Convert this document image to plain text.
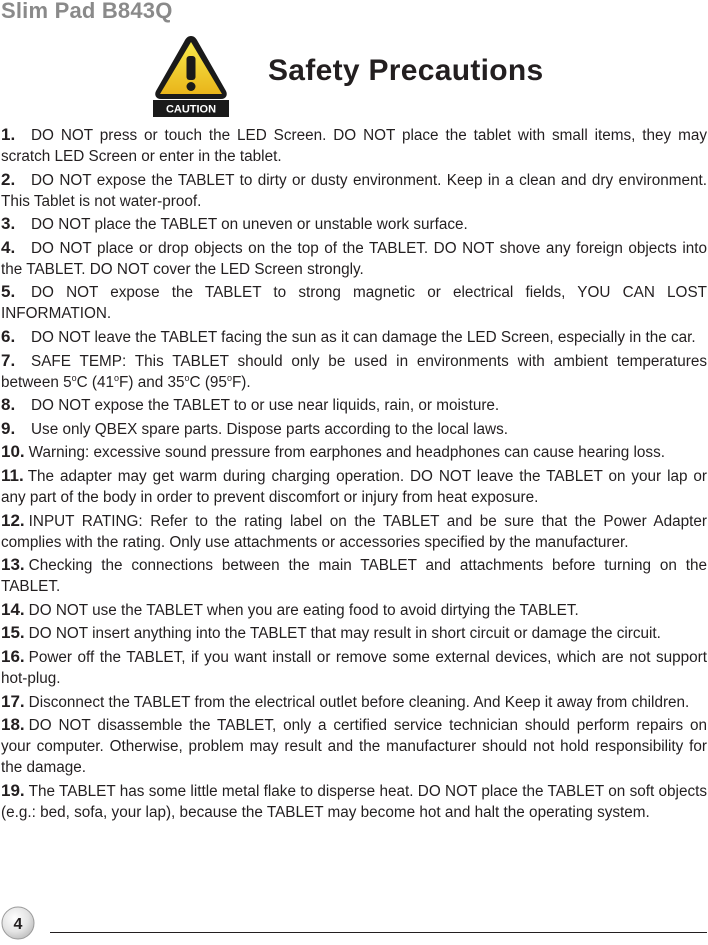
Slim Pad B843Q
CAUTION
Safety Precautions

1. DO NOT press or touch the LED Screen. DO NOT place the tablet with small items, they may scratch LED Screen or enter in the tablet.

2. DO NOT expose the TABLET to dirty or dusty environment. Keep in a clean and dry environment. This Tablet is not water-proof.

3. DO NOT place the TABLET on uneven or unstable work surface.

4. DO NOT place or drop objects on the top of the TABLET. DO NOT shove any foreign objects into the TABLET. DO NOT cover the LED Screen strongly.

5. DO NOT expose the TABLET to strong magnetic or electrical fields, YOU CAN LOST INFORMATION.

6. DO NOT leave the TABLET facing the sun as it can damage the LED Screen, especially in the car.

7. SAFE TEMP: This TABLET should only be used in environments with ambient temperatures between 5$^o$C (41$^o$F) and 35$^o$C (95$^o$F).

8. DO NOT expose the TABLET to or use near liquids, rain, or moisture.

9. Use only QBEX spare parts. Dispose parts according to the local laws.

10. Warning: excessive sound pressure from earphones and headphones can cause hearing loss.

11. The adapter may get warm during charging operation. DO NOT leave the TABLET on your lap or any part of the body in order to prevent discomfort or injury from heat exposure.

12. INPUT RATING: Refer to the rating label on the TABLET and be sure that the Power Adapter complies with the rating. Only use attachments or accessories specified by the manufacturer.

13. Checking the connections between the main TABLET and attachments before turning on the TABLET.

14. DO NOT use the TABLET when you are eating food to avoid dirtying the TABLET.

15. DO NOT insert anything into the TABLET that may result in short circuit or damage the circuit.

16. Power off the TABLET, if you want install or remove some external devices, which are not support hot-plug.

17. Disconnect the TABLET from the electrical outlet before cleaning. And Keep it away from children.

18. DO NOT disassemble the TABLET, only a certified service technician should perform repairs on your computer. Otherwise, problem may result and the manufacturer should not hold responsibility for the damage.

19. The TABLET has some little metal flake to disperse heat. DO NOT place the TABLET on soft objects (e.g.: bed, sofa, your lap), because the TABLET may become hot and halt the operating system.

4
